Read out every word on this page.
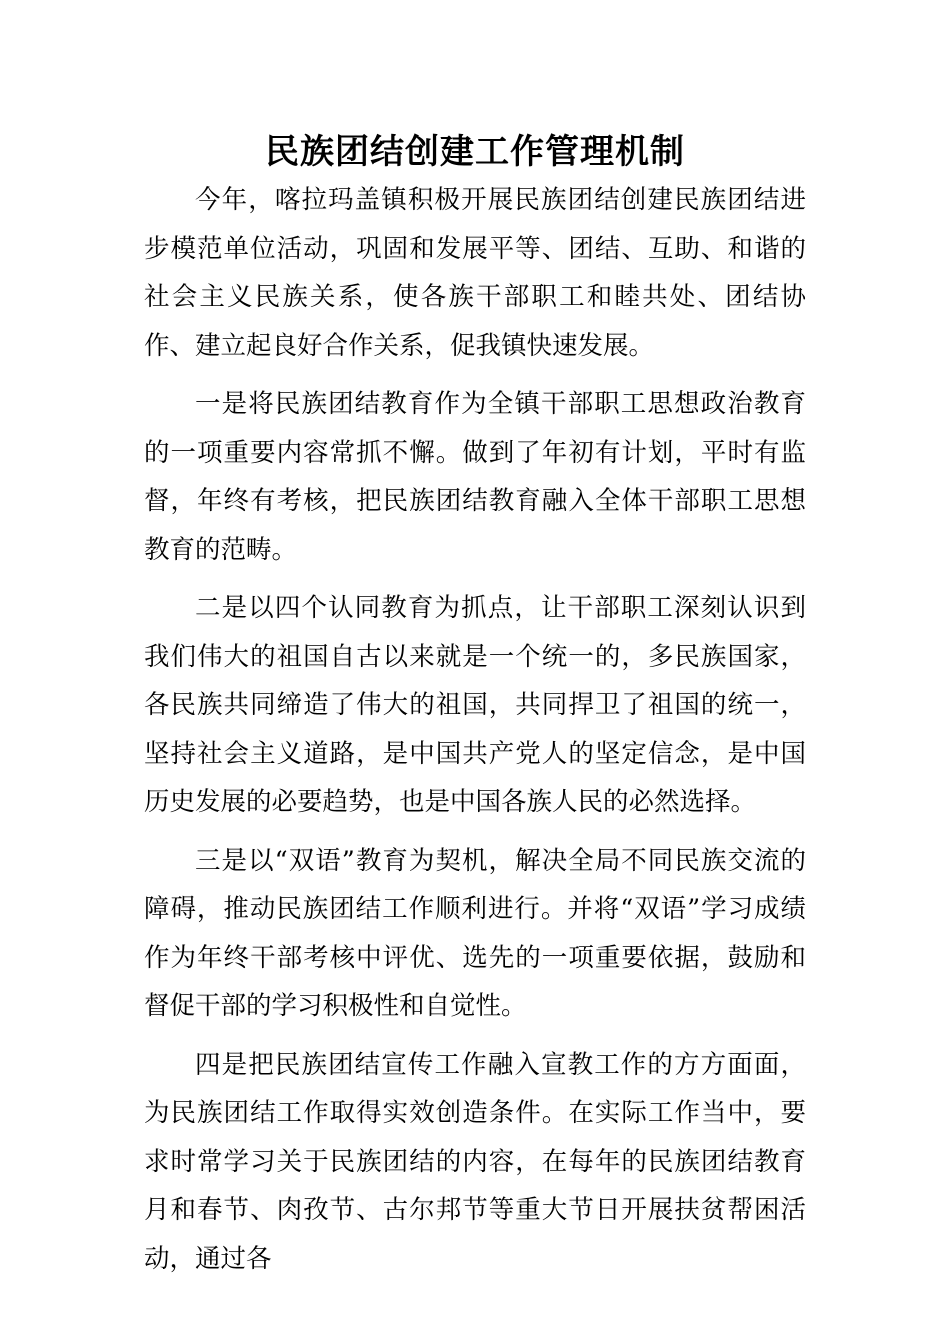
民族团结创建工作管理机制

今年，喀拉玛盖镇积极开展民族团结创建民族团结进步模范单位活动，巩固和发展平等、团结、互助、和谐的社会主义民族关系，使各族干部职工和睦共处、团结协作、建立起良好合作关系，促我镇快速发展。

一是将民族团结教育作为全镇干部职工思想政治教育的一项重要内容常抓不懈。做到了年初有计划，平时有监督，年终有考核，把民族团结教育融入全体干部职工思想教育的范畴。

二是以四个认同教育为抓点，让干部职工深刻认识到我们伟大的祖国自古以来就是一个统一的，多民族国家，各民族共同缔造了伟大的祖国，共同捍卫了祖国的统一，坚持社会主义道路，是中国共产党人的坚定信念，是中国历史发展的必要趋势，也是中国各族人民的必然选择。

三是以“双语”教育为契机，解决全局不同民族交流的障碍，推动民族团结工作顺利进行。并将“双语”学习成绩作为年终干部考核中评优、选先的一项重要依据，鼓励和督促干部的学习积极性和自觉性。

四是把民族团结宣传工作融入宣教工作的方方面面，为民族团结工作取得实效创造条件。在实际工作当中，要求时常学习关于民族团结的内容，在每年的民族团结教育月和春节、肉孜节、古尔邦节等重大节日开展扶贫帮困活动，通过各
